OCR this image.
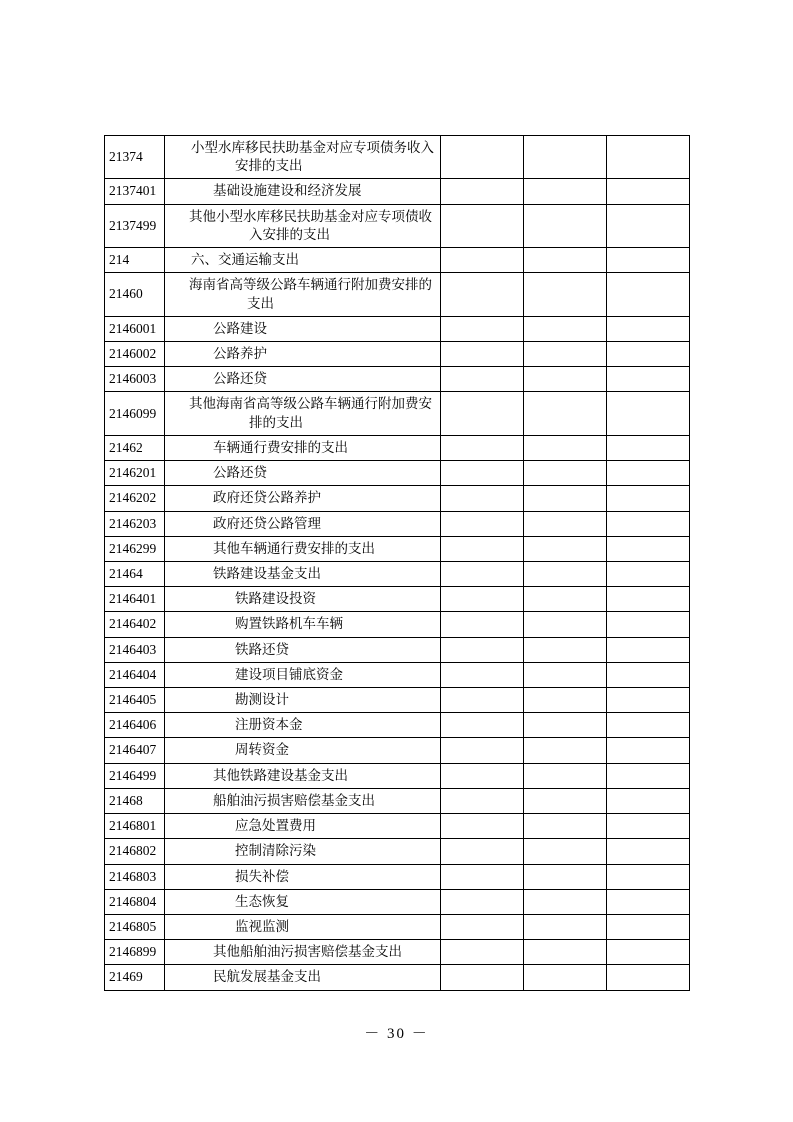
21374	小型水库移民扶助基金对应专项债务收入安排的支出			

2137401	基础设施建设和经济发展			

2137499	其他小型水库移民扶助基金对应专项债收入安排的支出			

214	六、交通运输支出			

21460	海南省高等级公路车辆通行附加费安排的支出			

2146001	公路建设			

2146002	公路养护			

2146003	公路还贷			

2146099	其他海南省高等级公路车辆通行附加费安排的支出			

21462	车辆通行费安排的支出			

2146201	公路还贷			

2146202	政府还贷公路养护			

2146203	政府还贷公路管理			

2146299	其他车辆通行费安排的支出			

21464	铁路建设基金支出			

2146401	铁路建设投资			

2146402	购置铁路机车车辆			

2146403	铁路还贷			

2146404	建设项目铺底资金			

2146405	勘测设计			

2146406	注册资本金			

2146407	周转资金			

2146499	其他铁路建设基金支出			

21468	船舶油污损害赔偿基金支出			

2146801	应急处置费用			

2146802	控制清除污染			

2146803	损失补偿			

2146804	生态恢复			

2146805	监视监测			

2146899	其他船舶油污损害赔偿基金支出			

21469	民航发展基金支出			

－ 30 －
